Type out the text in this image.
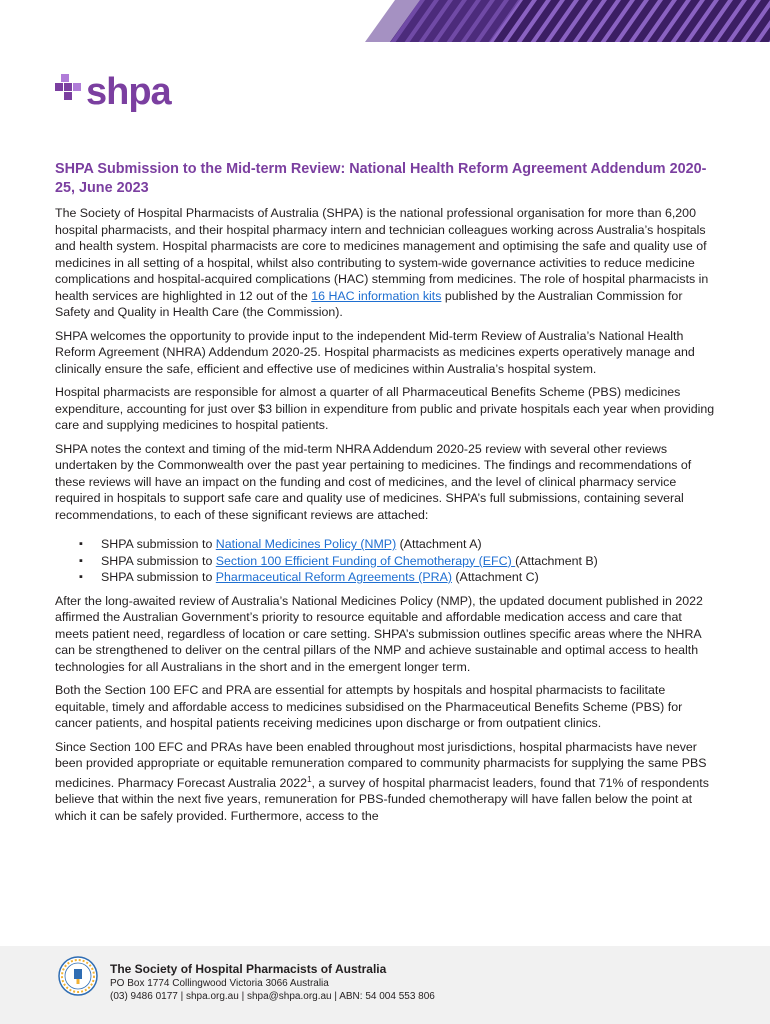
shpa
SHPA Submission to the Mid-term Review: National Health Reform Agreement Addendum 2020-25, June 2023

The Society of Hospital Pharmacists of Australia (SHPA) is the national professional organisation for more than 6,200 hospital pharmacists, and their hospital pharmacy intern and technician colleagues working across Australia’s hospitals and health system. Hospital pharmacists are core to medicines management and optimising the safe and quality use of medicines in all setting of a hospital, whilst also contributing to system-wide governance activities to reduce medicine complications and hospital-acquired complications (HAC) stemming from medicines. The role of hospital pharmacists in health services are highlighted in 12 out of the 16 HAC information kits published by the Australian Commission for Safety and Quality in Health Care (the Commission).

SHPA welcomes the opportunity to provide input to the independent Mid-term Review of Australia’s National Health Reform Agreement (NHRA) Addendum 2020-25. Hospital pharmacists as medicines experts operatively manage and clinically ensure the safe, efficient and effective use of medicines within Australia’s hospital system.

Hospital pharmacists are responsible for almost a quarter of all Pharmaceutical Benefits Scheme (PBS) medicines expenditure, accounting for just over $3 billion in expenditure from public and private hospitals each year when providing care and supplying medicines to hospital patients.

SHPA notes the context and timing of the mid-term NHRA Addendum 2020-25 review with several other reviews undertaken by the Commonwealth over the past year pertaining to medicines. The findings and recommendations of these reviews will have an impact on the funding and cost of medicines, and the level of clinical pharmacy service required in hospitals to support safe care and quality use of medicines. SHPA’s full submissions, containing several recommendations, to each of these significant reviews are attached:

▪ SHPA submission to National Medicines Policy (NMP) (Attachment A)
▪ SHPA submission to Section 100 Efficient Funding of Chemotherapy (EFC) (Attachment B)
▪ SHPA submission to Pharmaceutical Reform Agreements (PRA) (Attachment C)

After the long-awaited review of Australia’s National Medicines Policy (NMP), the updated document published in 2022 affirmed the Australian Government’s priority to resource equitable and affordable medication access and care that meets patient need, regardless of location or care setting. SHPA’s submission outlines specific areas where the NHRA can be strengthened to deliver on the central pillars of the NMP and achieve sustainable and optimal access to health technologies for all Australians in the short and in the emergent longer term.

Both the Section 100 EFC and PRA are essential for attempts by hospitals and hospital pharmacists to facilitate equitable, timely and affordable access to medicines subsidised on the Pharmaceutical Benefits Scheme (PBS) for cancer patients, and hospital patients receiving medicines upon discharge or from outpatient clinics.

Since Section 100 EFC and PRAs have been enabled throughout most jurisdictions, hospital pharmacists have never been provided appropriate or equitable remuneration compared to community pharmacists for supplying the same PBS medicines. Pharmacy Forecast Australia 2022$^1$, a survey of hospital pharmacist leaders, found that 71% of respondents believe that within the next five years, remuneration for PBS-funded chemotherapy will have fallen below the point at which it can be safely provided. Furthermore, access to the

The Society of Hospital Pharmacists of Australia
PO Box 1774 Collingwood Victoria 3066 Australia
(03) 9486 0177 | shpa.org.au | shpa@shpa.org.au | ABN: 54 004 553 806
